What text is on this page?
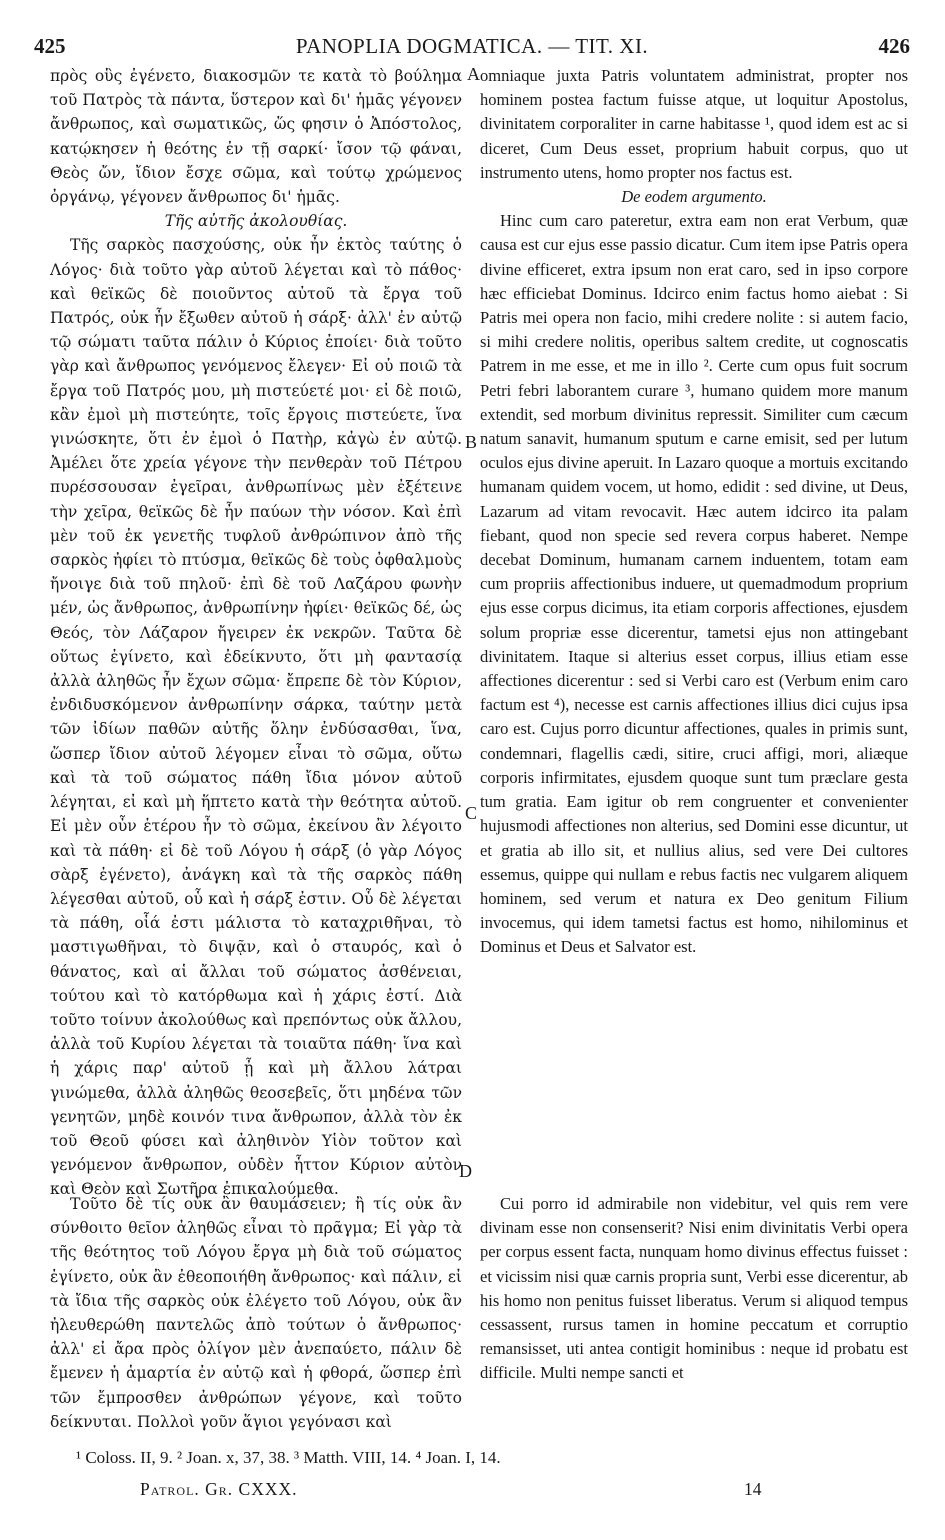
425	PANOPLIA DOGMATICA. — TIT. XI.	426
A
B
C
D

πρὸς οὓς ἐγένετο, διακοσμῶν τε κατὰ τὸ βούλημα τοῦ Πατρὸς τὰ πάντα, ὕστερον καὶ δι' ἡμᾶς γέγονεν ἄνθρωπος, καὶ σωματικῶς, ὥς φησιν ὁ Ἀπόστολος, κατῴκησεν ἡ θεότης ἐν τῇ σαρκί· ἴσον τῷ φάναι, Θεὸς ὤν, ἴδιον ἔσχε σῶμα, καὶ τούτῳ χρώμενος ὀργάνῳ, γέγονεν ἄνθρωπος δι' ἡμᾶς.

Τῆς αὐτῆς ἀκολουθίας.

Τῆς σαρκὸς πασχούσης, οὐκ ἦν ἐκτὸς ταύτης ὁ Λόγος· διὰ τοῦτο γὰρ αὐτοῦ λέγεται καὶ τὸ πάθος· καὶ θεϊκῶς δὲ ποιοῦντος αὐτοῦ τὰ ἔργα τοῦ Πατρός, οὐκ ἦν ἔξωθεν αὐτοῦ ἡ σάρξ· ἀλλ' ἐν αὐτῷ τῷ σώματι ταῦτα πάλιν ὁ Κύριος ἐποίει· διὰ τοῦτο γὰρ καὶ ἄνθρωπος γενόμενος ἔλεγεν· Εἰ οὐ ποιῶ τὰ ἔργα τοῦ Πατρός μου, μὴ πιστεύετέ μοι· εἰ δὲ ποιῶ, κἂν ἐμοὶ μὴ πιστεύητε, τοῖς ἔργοις πιστεύετε, ἵνα γινώσκητε, ὅτι ἐν ἐμοὶ ὁ Πατὴρ, κἀγὼ ἐν αὐτῷ. Ἀμέλει ὅτε χρεία γέγονε τὴν πενθερὰν τοῦ Πέτρου πυρέσσουσαν ἐγεῖραι, ἀνθρωπίνως μὲν ἐξέτεινε τὴν χεῖρα, θεϊκῶς δὲ ἦν παύων τὴν νόσον. Καὶ ἐπὶ μὲν τοῦ ἐκ γενετῆς τυφλοῦ ἀνθρώπινον ἀπὸ τῆς σαρκὸς ἠφίει τὸ πτύσμα, θεϊκῶς δὲ τοὺς ὀφθαλμοὺς ἤνοιγε διὰ τοῦ πηλοῦ· ἐπὶ δὲ τοῦ Λαζάρου φωνὴν μέν, ὡς ἄνθρωπος, ἀνθρωπίνην ἠφίει· θεϊκῶς δέ, ὡς Θεός, τὸν Λάζαρον ἤγειρεν ἐκ νεκρῶν. Ταῦτα δὲ οὕτως ἐγίνετο, καὶ ἐδείκνυτο, ὅτι μὴ φαντασίᾳ ἀλλὰ ἀληθῶς ἦν ἔχων σῶμα· ἔπρεπε δὲ τὸν Κύριον, ἐνδιδυσκόμενον ἀνθρωπίνην σάρκα, ταύτην μετὰ τῶν ἰδίων παθῶν αὐτῆς ὅλην ἐνδύσασθαι, ἵνα, ὥσπερ ἴδιον αὐτοῦ λέγομεν εἶναι τὸ σῶμα, οὕτω καὶ τὰ τοῦ σώματος πάθη ἴδια μόνον αὐτοῦ λέγηται, εἰ καὶ μὴ ἥπτετο κατὰ τὴν θεότητα αὐτοῦ. Εἰ μὲν οὖν ἑτέρου ἦν τὸ σῶμα, ἐκείνου ἂν λέγοιτο καὶ τὰ πάθη· εἰ δὲ τοῦ Λόγου ἡ σάρξ (ὁ γὰρ Λόγος σὰρξ ἐγένετο), ἀνάγκη καὶ τὰ τῆς σαρκὸς πάθη λέγεσθαι αὐτοῦ, οὗ καὶ ἡ σάρξ ἐστιν. Οὗ δὲ λέγεται τὰ πάθη, οἷά ἐστι μάλιστα τὸ καταχριθῆναι, τὸ μαστιγωθῆναι, τὸ διψᾷν, καὶ ὁ σταυρός, καὶ ὁ θάνατος, καὶ αἱ ἄλλαι τοῦ σώματος ἀσθένειαι, τούτου καὶ τὸ κατόρθωμα καὶ ἡ χάρις ἐστί. Διὰ τοῦτο τοίνυν ἀκολούθως καὶ πρεπόντως οὐκ ἄλλου, ἀλλὰ τοῦ Κυρίου λέγεται τὰ τοιαῦτα πάθη· ἵνα καὶ ἡ χάρις παρ' αὐτοῦ ᾖ καὶ μὴ ἄλλου λάτραι γινώμεθα, ἀλλὰ ἀληθῶς θεοσεβεῖς, ὅτι μηδένα τῶν γενητῶν, μηδὲ κοινόν τινα ἄνθρωπον, ἀλλὰ τὸν ἐκ τοῦ Θεοῦ φύσει καὶ ἀληθινὸν Υἱὸν τοῦτον καὶ γενόμενον ἄνθρωπον, οὐδὲν ἧττον Κύριον αὐτὸν καὶ Θεὸν καὶ Σωτῆρα ἐπικαλούμεθα.

omniaque juxta Patris voluntatem administrat, propter nos hominem postea factum fuisse atque, ut loquitur Apostolus, divinitatem corporaliter in carne habitasse ¹, quod idem est ac si diceret, Cum Deus esset, proprium habuit corpus, quo ut instrumento utens, homo propter nos factus est.

De eodem argumento.

Hinc cum caro pateretur, extra eam non erat Verbum, quæ causa est cur ejus esse passio dicatur. Cum item ipse Patris opera divine efficeret, extra ipsum non erat caro, sed in ipso corpore hæc efficiebat Dominus. Idcirco enim factus homo aiebat : Si Patris mei opera non facio, mihi credere nolite : si autem facio, si mihi credere nolitis, operibus saltem credite, ut cognoscatis Patrem in me esse, et me in illo ². Certe cum opus fuit socrum Petri febri laborantem curare ³, humano quidem more manum extendit, sed morbum divinitus repressit. Similiter cum cæcum natum sanavit, humanum sputum e carne emisit, sed per lutum oculos ejus divine aperuit. In Lazaro quoque a mortuis excitando humanam quidem vocem, ut homo, edidit : sed divine, ut Deus, Lazarum ad vitam revocavit. Hæc autem idcirco ita palam fiebant, quod non specie sed revera corpus haberet. Nempe decebat Dominum, humanam carnem induentem, totam eam cum propriis affectionibus induere, ut quemadmodum proprium ejus esse corpus dicimus, ita etiam corporis affectiones, ejusdem solum propriæ esse dicerentur, tametsi ejus non attingebant divinitatem. Itaque si alterius esset corpus, illius etiam esse affectiones dicerentur : sed si Verbi caro est (Verbum enim caro factum est ⁴), necesse est carnis affectiones illius dici cujus ipsa caro est. Cujus porro dicuntur affectiones, quales in primis sunt, condemnari, flagellis cædi, sitire, cruci affigi, mori, aliæque corporis infirmitates, ejusdem quoque sunt tum præclare gesta tum gratia. Eam igitur ob rem congruenter et convenienter hujusmodi affectiones non alterius, sed Domini esse dicuntur, ut et gratia ab illo sit, et nullius alius, sed vere Dei cultores essemus, quippe qui nullam e rebus factis nec vulgarem aliquem hominem, sed verum et natura ex Deo genitum Filium invocemus, qui idem tametsi factus est homo, nihilominus et Dominus et Deus et Salvator est.

Τοῦτο δὲ τίς οὐκ ἂν θαυμάσειεν; ἢ τίς οὐκ ἂν σύνθοιτο θεῖον ἀληθῶς εἶναι τὸ πρᾶγμα; Εἰ γὰρ τὰ τῆς θεότητος τοῦ Λόγου ἔργα μὴ διὰ τοῦ σώματος ἐγίνετο, οὐκ ἂν ἐθεοποιήθη ἄνθρωπος· καὶ πάλιν, εἰ τὰ ἴδια τῆς σαρκὸς οὐκ ἐλέγετο τοῦ Λόγου, οὐκ ἂν ἠλευθερώθη παντελῶς ἀπὸ τούτων ὁ ἄνθρωπος· ἀλλ' εἰ ἄρα πρὸς ὀλίγον μὲν ἀνεπαύετο, πάλιν δὲ ἔμενεν ἡ ἁμαρτία ἐν αὐτῷ καὶ ἡ φθορά, ὥσπερ ἐπὶ τῶν ἔμπροσθεν ἀνθρώπων γέγονε, καὶ τοῦτο δείκνυται. Πολλοὶ γοῦν ἅγιοι γεγόνασι καὶ

Cui porro id admirabile non videbitur, vel quis rem vere divinam esse non consenserit? Nisi enim divinitatis Verbi opera per corpus essent facta, nunquam homo divinus effectus fuisset : et vicissim nisi quæ carnis propria sunt, Verbi esse dicerentur, ab his homo non penitus fuisset liberatus. Verum si aliquod tempus cessassent, rursus tamen in homine peccatum et corruptio remansisset, uti antea contigit hominibus : neque id probatu est difficile. Multi nempe sancti et

¹ Coloss. II, 9. ² Joan. x, 37, 38. ³ Matth. VIII, 14. ⁴ Joan. I, 14.
Patrol. Gr. CXXX.	14
